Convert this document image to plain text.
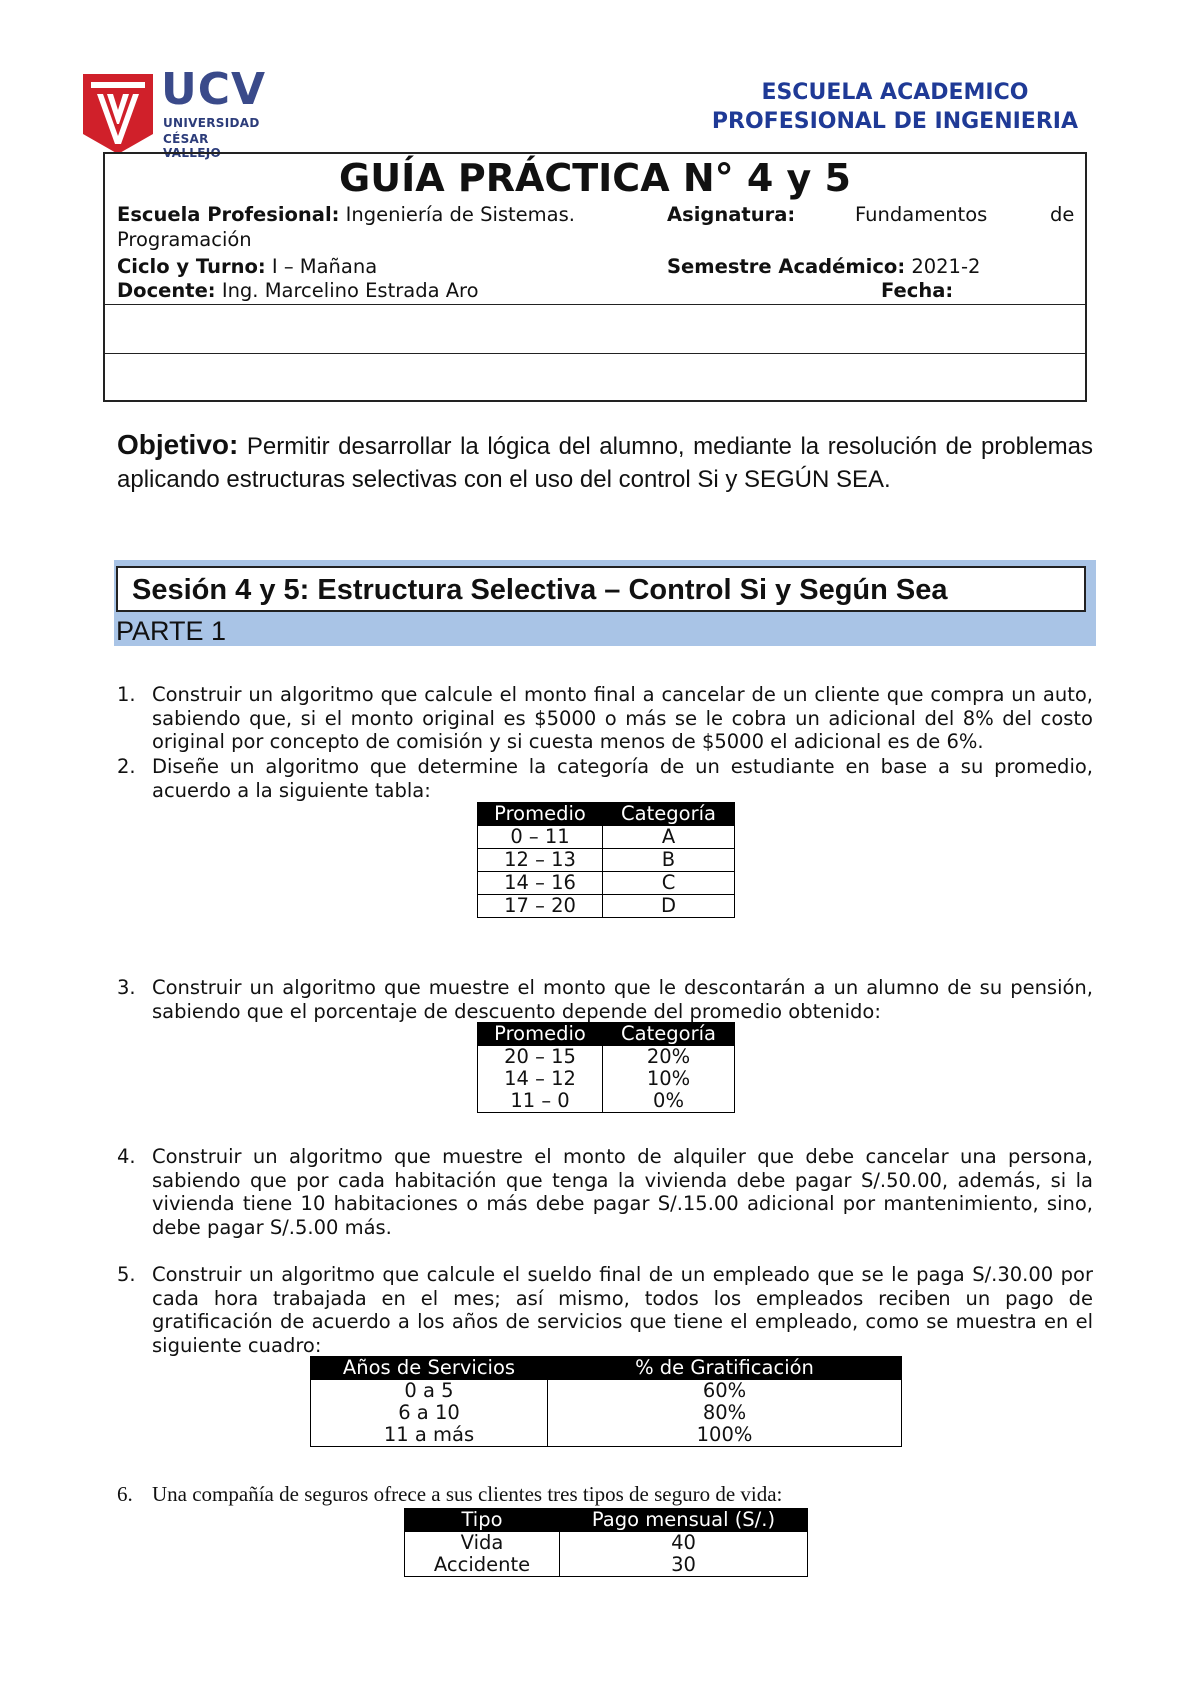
UCV
UNIVERSIDAD
CÉSAR VALLEJO
ESCUELA ACADEMICO
PROFESIONAL DE INGENIERIA
GUÍA PRÁCTICA N° 4 y 5
Escuela Profesional: Ingeniería de Sistemas.	Asignatura:	Fundamentos	de
Programación
Ciclo y Turno: I – Mañana	Semestre Académico: 2021-2
Docente: Ing. Marcelino Estrada Aro	Fecha:
Objetivo: Permitir desarrollar la lógica del alumno, mediante la resolución de problemas aplicando estructuras selectivas con el uso del control Si y SEGÚN SEA.
Sesión 4 y 5: Estructura Selectiva – Control Si y Según Sea
PARTE 1
1. Construir un algoritmo que calcule el monto final a cancelar de un cliente que compra un auto, sabiendo que, si el monto original es $5000 o más se le cobra un adicional del 8% del costo original por concepto de comisión y si cuesta menos de $5000 el adicional es de 6%.
2. Diseñe un algoritmo que determine la categoría de un estudiante en base a su promedio, acuerdo a la siguiente tabla:
Promedio	Categoría
0 – 11	A
12 – 13	B
14 – 16	C
17 – 20	D
3. Construir un algoritmo que muestre el monto que le descontarán a un alumno de su pensión, sabiendo que el porcentaje de descuento depende del promedio obtenido:
Promedio	Categoría
20 – 15	20%
14 – 12	10%
11 – 0	0%
4. Construir un algoritmo que muestre el monto de alquiler que debe cancelar una persona, sabiendo que por cada habitación que tenga la vivienda debe pagar S/.50.00, además, si la vivienda tiene 10 habitaciones o más debe pagar S/.15.00 adicional por mantenimiento, sino, debe pagar S/.5.00 más.
5. Construir un algoritmo que calcule el sueldo final de un empleado que se le paga S/.30.00 por cada hora trabajada en el mes; así mismo, todos los empleados reciben un pago de gratificación de acuerdo a los años de servicios que tiene el empleado, como se muestra en el siguiente cuadro:
Años de Servicios	% de Gratificación
0 a 5	60%
6 a 10	80%
11 a más	100%
6. Una compañía de seguros ofrece a sus clientes tres tipos de seguro de vida:
Tipo	Pago mensual (S/.)
Vida	40
Accidente	30
